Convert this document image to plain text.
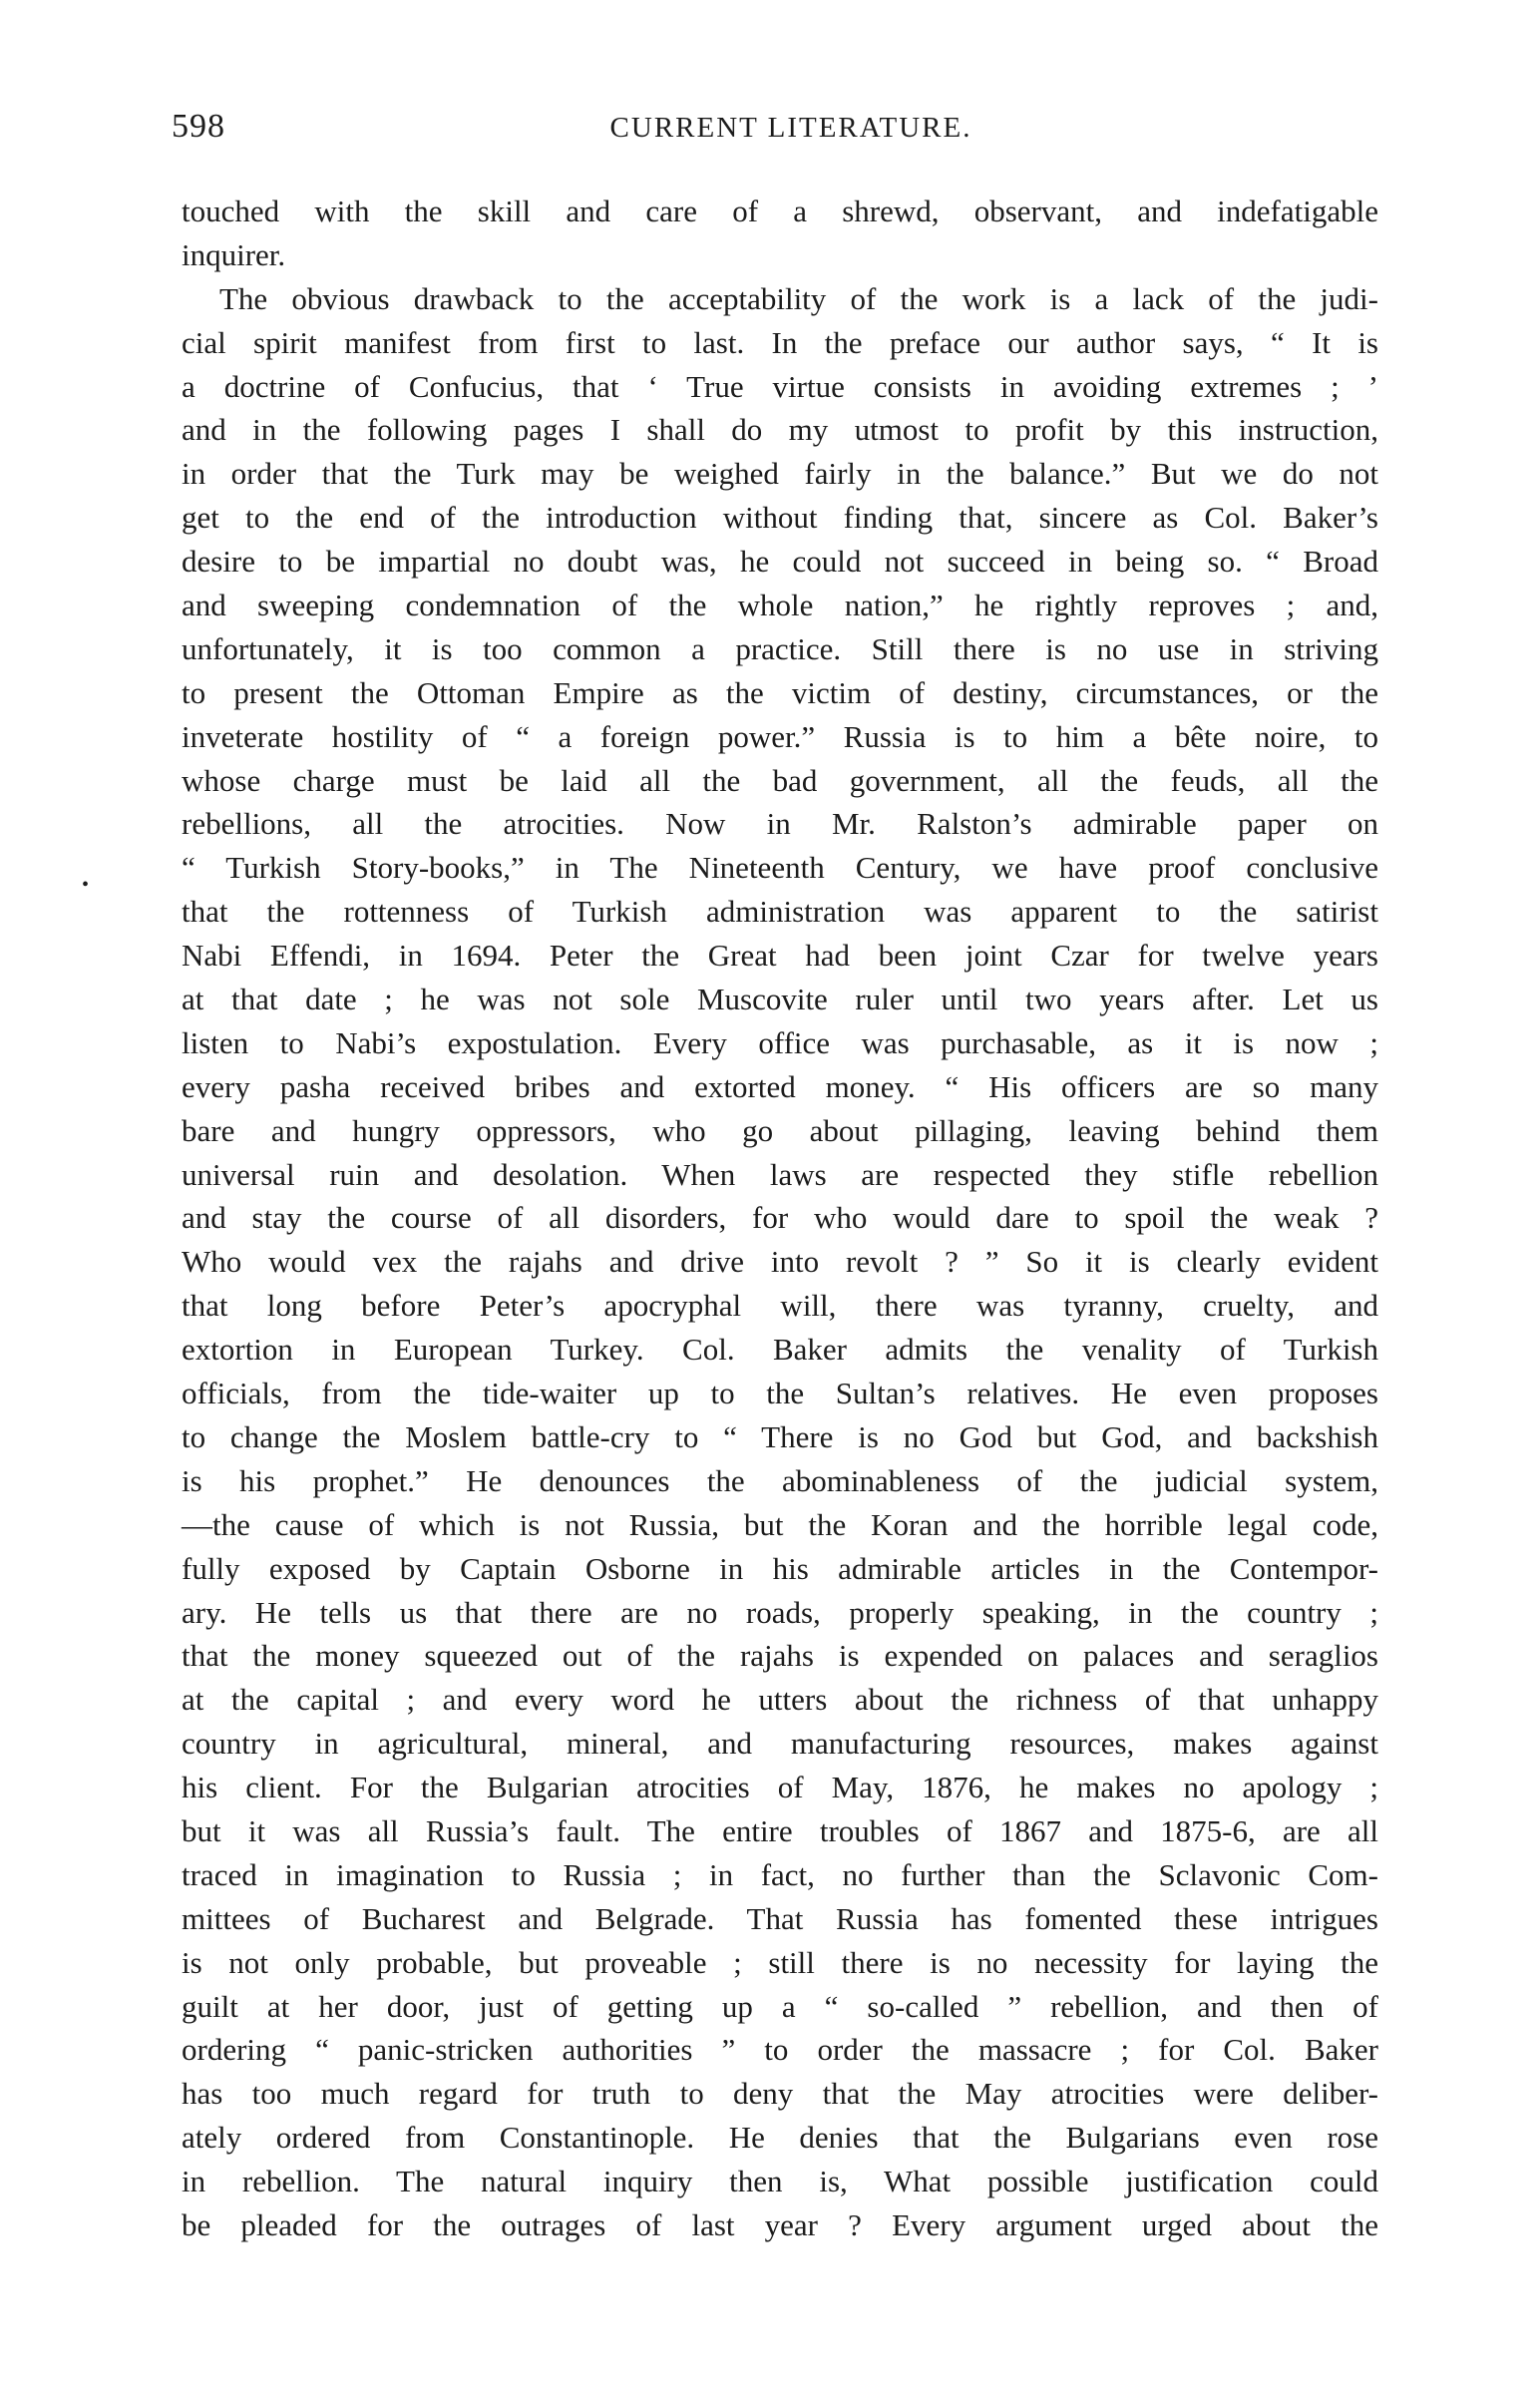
598	CURRENT LITERATURE.
•
touched with the skill and care of a shrewd, observant, and indefatigable
inquirer.
The obvious drawback to the acceptability of the work is a lack of the judi-
cial spirit manifest from first to last. In the preface our author says, “ It is
a doctrine of Confucius, that ‘ True virtue consists in avoiding extremes ; ’
and in the following pages I shall do my utmost to profit by this instruction,
in order that the Turk may be weighed fairly in the balance.” But we do not
get to the end of the introduction without finding that, sincere as Col. Baker’s
desire to be impartial no doubt was, he could not succeed in being so. “ Broad
and sweeping condemnation of the whole nation,” he rightly reproves ; and,
unfortunately, it is too common a practice. Still there is no use in striving
to present the Ottoman Empire as the victim of destiny, circumstances, or the
inveterate hostility of “ a foreign power.” Russia is to him a bête noire, to
whose charge must be laid all the bad government, all the feuds, all the
rebellions, all the atrocities. Now in Mr. Ralston’s admirable paper on
“ Turkish Story-books,” in The Nineteenth Century, we have proof conclusive
that the rottenness of Turkish administration was apparent to the satirist
Nabi Effendi, in 1694. Peter the Great had been joint Czar for twelve years
at that date ; he was not sole Muscovite ruler until two years after. Let us
listen to Nabi’s expostulation. Every office was purchasable, as it is now ;
every pasha received bribes and extorted money. “ His officers are so many
bare and hungry oppressors, who go about pillaging, leaving behind them
universal ruin and desolation. When laws are respected they stifle rebellion
and stay the course of all disorders, for who would dare to spoil the weak ?
Who would vex the rajahs and drive into revolt ? ” So it is clearly evident
that long before Peter’s apocryphal will, there was tyranny, cruelty, and
extortion in European Turkey. Col. Baker admits the venality of Turkish
officials, from the tide-waiter up to the Sultan’s relatives. He even proposes
to change the Moslem battle-cry to “ There is no God but God, and backshish
is his prophet.” He denounces the abominableness of the judicial system,
—the cause of which is not Russia, but the Koran and the horrible legal code,
fully exposed by Captain Osborne in his admirable articles in the Contempor-
ary. He tells us that there are no roads, properly speaking, in the country ;
that the money squeezed out of the rajahs is expended on palaces and seraglios
at the capital ; and every word he utters about the richness of that unhappy
country in agricultural, mineral, and manufacturing resources, makes against
his client. For the Bulgarian atrocities of May, 1876, he makes no apology ;
but it was all Russia’s fault. The entire troubles of 1867 and 1875-6, are all
traced in imagination to Russia ; in fact, no further than the Sclavonic Com-
mittees of Bucharest and Belgrade. That Russia has fomented these intrigues
is not only probable, but proveable ; still there is no necessity for laying the
guilt at her door, just of getting up a “ so-called ” rebellion, and then of
ordering “ panic-stricken authorities ” to order the massacre ; for Col. Baker
has too much regard for truth to deny that the May atrocities were deliber-
ately ordered from Constantinople. He denies that the Bulgarians even rose
in rebellion. The natural inquiry then is, What possible justification could
be pleaded for the outrages of last year ? Every argument urged about the
